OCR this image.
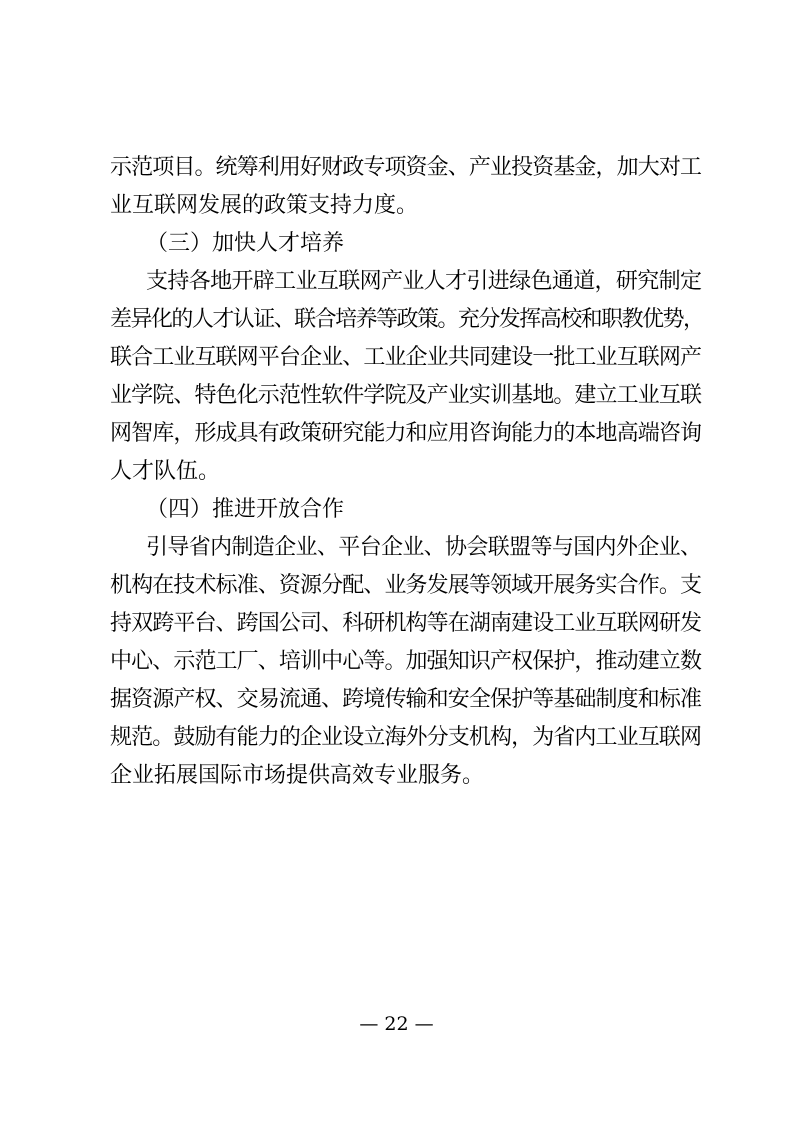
示范项目。统筹利用好财政专项资金、产业投资基金，加大对工
业互联网发展的政策支持力度。
（三）加快人才培养
支持各地开辟工业互联网产业人才引进绿色通道，研究制定
差异化的人才认证、联合培养等政策。充分发挥高校和职教优势，
联合工业互联网平台企业、工业企业共同建设一批工业互联网产
业学院、特色化示范性软件学院及产业实训基地。建立工业互联
网智库，形成具有政策研究能力和应用咨询能力的本地高端咨询
人才队伍。
（四）推进开放合作
引导省内制造企业、平台企业、协会联盟等与国内外企业、
机构在技术标准、资源分配、业务发展等领域开展务实合作。支
持双跨平台、跨国公司、科研机构等在湖南建设工业互联网研发
中心、示范工厂、培训中心等。加强知识产权保护，推动建立数
据资源产权、交易流通、跨境传输和安全保护等基础制度和标准
规范。鼓励有能力的企业设立海外分支机构，为省内工业互联网
企业拓展国际市场提供高效专业服务。
— 22 —
